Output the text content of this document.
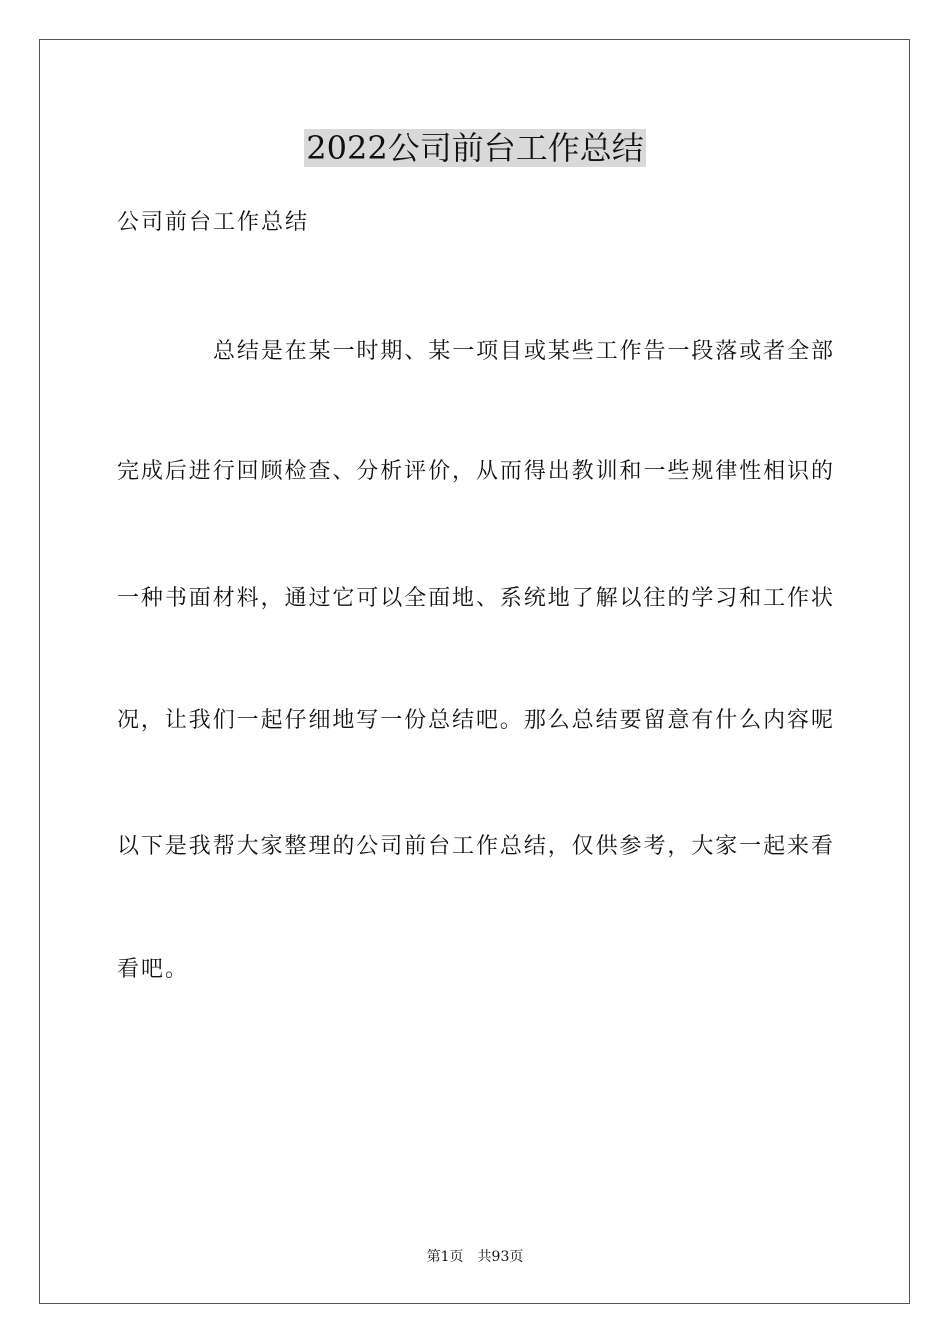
2022公司前台工作总结
公司前台工作总结
总结是在某一时期、某一项目或某些工作告一段落或者全部
完成后进行回顾检查、分析评价，从而得出教训和一些规律性相识的
一种书面材料，通过它可以全面地、系统地了解以往的学习和工作状
况，让我们一起仔细地写一份总结吧。那么总结要留意有什么内容呢
以下是我帮大家整理的公司前台工作总结，仅供参考，大家一起来看
看吧。
第1页 共93页
